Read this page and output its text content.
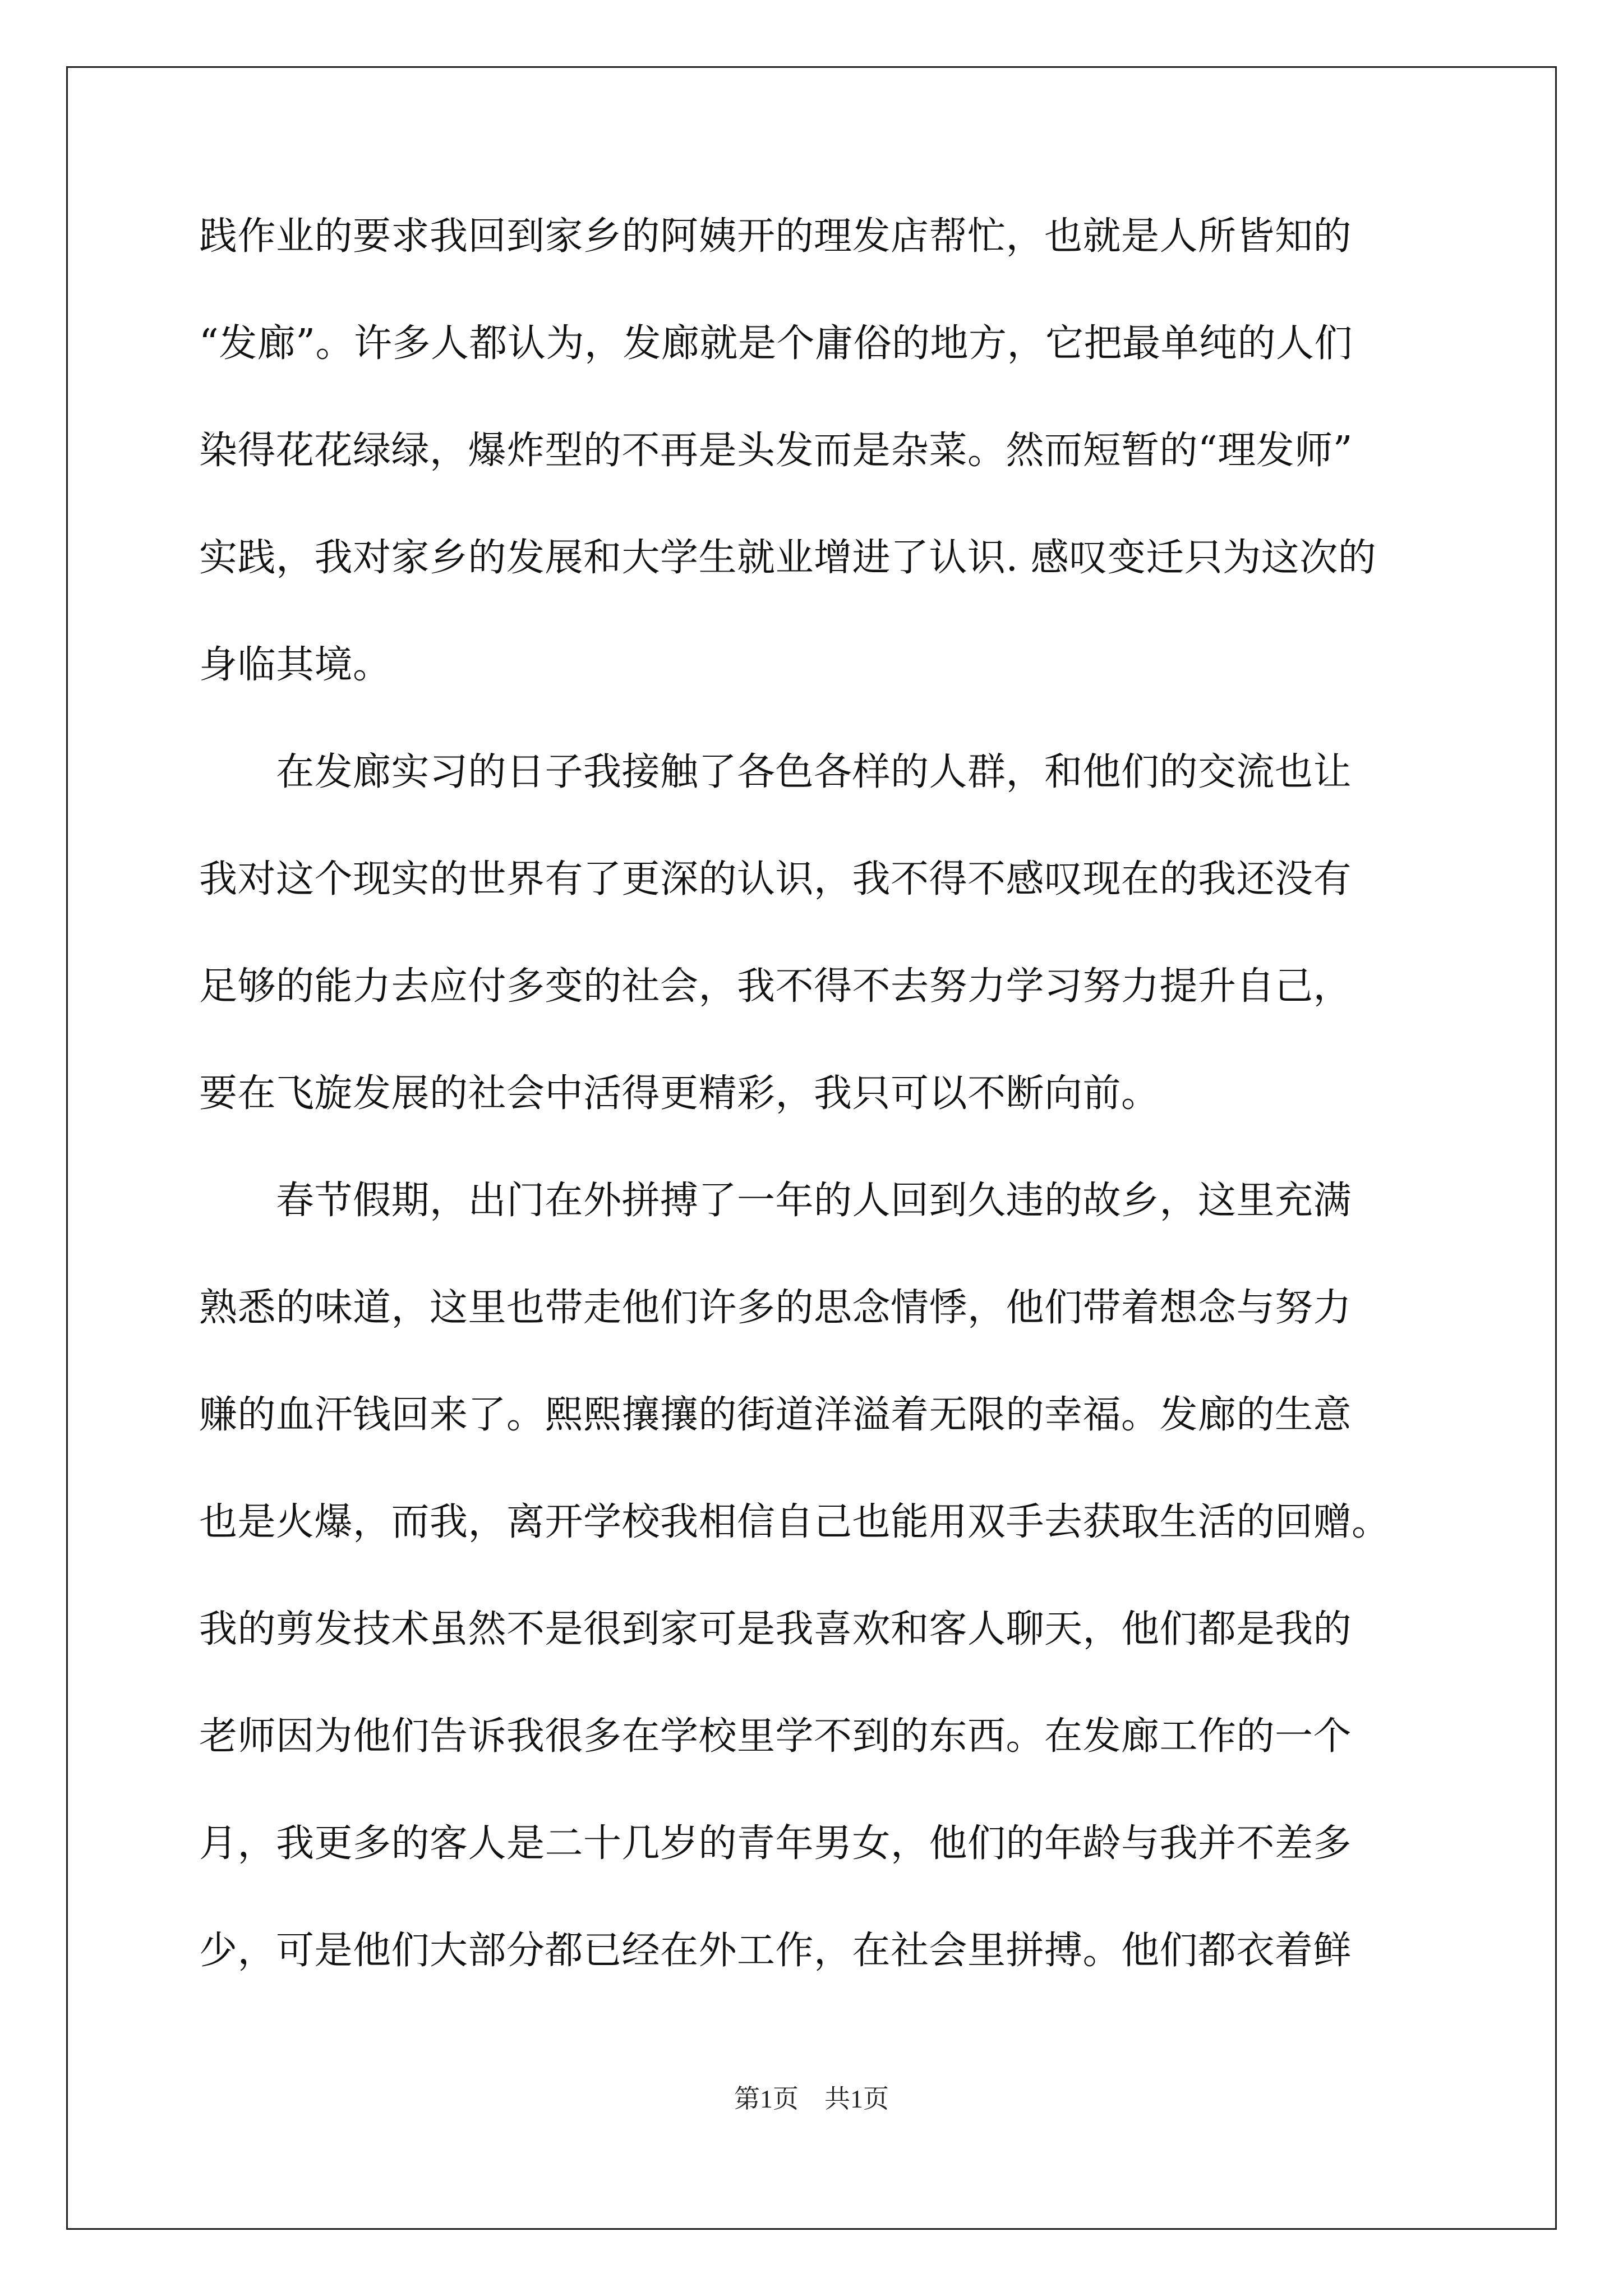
践作业的要求我回到家乡的阿姨开的理发店帮忙，也就是人所皆知的
“发廊”。许多人都认为，发廊就是个庸俗的地方，它把最单纯的人们
染得花花绿绿，爆炸型的不再是头发而是杂菜。然而短暂的“理发师”
实践，我对家乡的发展和大学生就业增进了认识. 感叹变迁只为这次的
身临其境。
　　在发廊实习的日子我接触了各色各样的人群，和他们的交流也让
我对这个现实的世界有了更深的认识，我不得不感叹现在的我还没有
足够的能力去应付多变的社会，我不得不去努力学习努力提升自己，
要在飞旋发展的社会中活得更精彩，我只可以不断向前。
　　春节假期，出门在外拼搏了一年的人回到久违的故乡，这里充满
熟悉的味道，这里也带走他们许多的思念情悸，他们带着想念与努力
赚的血汗钱回来了。熙熙攘攘的街道洋溢着无限的幸福。发廊的生意
也是火爆，而我，离开学校我相信自己也能用双手去获取生活的回赠。
我的剪发技术虽然不是很到家可是我喜欢和客人聊天，他们都是我的
老师因为他们告诉我很多在学校里学不到的东西。在发廊工作的一个
月，我更多的客人是二十几岁的青年男女，他们的年龄与我并不差多
少，可是他们大部分都已经在外工作，在社会里拼搏。他们都衣着鲜
第1页　共1页
